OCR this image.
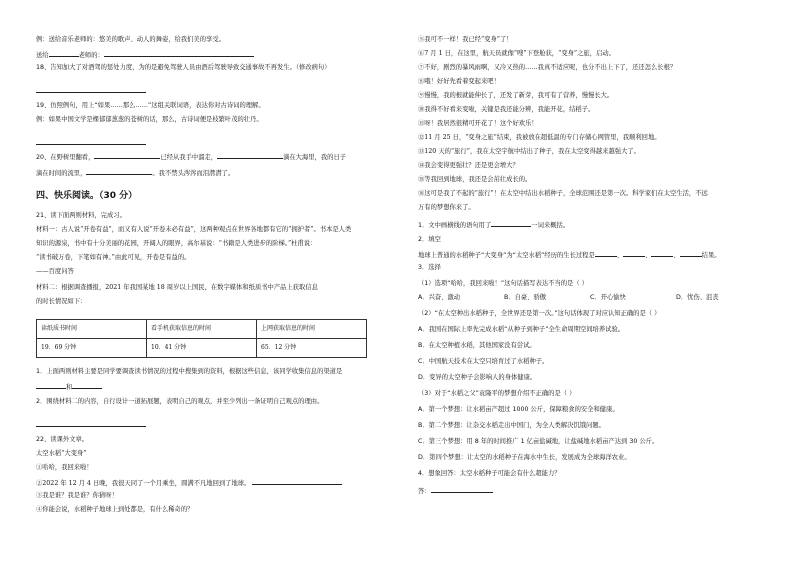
例：送给音乐老师的：悠美的歌声、动人的舞姿，给我们美的享受。
送给	老师的：
18、告知加大了对酒驾的惩处力度，为的是避免驾驶人员由酒后驾驶导致交通事故不再发生。（修改病句）
19、仿照例句，用上“如果……那么……”这组关联词语，表达你对古诗词的理解。
例：如果中国文学是棵郁郁葱葱的苍树的话，那么，古诗词便是枝繁叶茂的壮丹。
20、在野树里翻看，	已经从我手中溜走，	滴在大海里，我的日子
滴在时间的流里，	。我不禁头涔涔而泪潸潸了。
四、快乐阅读。（30 分）
21、读下面两则材料，完成习。
材料一：古人说“开卷有益”，而又有人说“开卷未必有益”，这两种观点在世界各地都有它的“拥护者”。书本是人类
知识的源泉，书中有十分美丽的花园，开阔人的眼界，高尔基说：“书籍是人类进步的阶梯。”杜甫说：
“读书破万卷，下笔如有神。”由此可见，开卷是有益的。
——百度问答
材料二：根据调查播报，2021 年我国某地 18 周岁以上国民，在数字媒体和纸质书中产品上获取信息
的时长情况如下：
读纸质书时间	看手机获取信息的时间	上网获取信息的时间
19．69 分钟	10．41 分钟	65．12 分钟
1．上面两则材料主要是同学要调查读书情况的过程中搜集到的资料，根据这些信息，该同学收集信息的渠道是
和
2．围绕材料二的内容，自行设计一道拓展题，表明自己的观点，并至少列出一条证明自己观点的理由。
22、读课外文章。
太空水稻“大变身”
①哈哈，我回来啦！
②2022 年 12 月 4 日晚，我很天同了一个月乘坐，圆满不凡地回到了地球。
③我是谁？我是谁？你猜呀！
④你能会说，水稻种子地球上到处都是，有什么稀奇的？
⑤我可不一样！我已经“变身”了！
⑥7 月 1 日，在这里，航天员就像“嗖”下登舱获，“变身”之旅，启动。
⑦不好，剧烈的暴风雨啊，又冷又热的……我真不适应呢，也分不出上下了，还还怎么长根？
⑧哦！好好先看着变起来吧！
⑨慢慢，我的根就能伸长了，还发了新芽，我可有了营养，慢慢长大。
⑩我得不好看来变啦，关键是我还能分辨，我能开花，结稻子。
⑪呀！我居然很精可开花了！这个好欢乐！
⑫11 月 25 日，“变身之旅”结束，我被放在超低温的专门存储心网管里，我顺利回地。
⑬120 天的“旅行”，我在太空宇航中结出了种子，我在太空变得越来越强大了。
⑭我会变得更强壮？还是更会增大？
⑮等我回到地球，我还是会茁壮成长的。
⑯这可是我了不起的“旅行”！在太空中结出水稻种子，全球范围还是第一次。科学家们在太空生活，不远
万有的梦想你来了。
1．文中画横线的语句用了	一词来概括。
2．填空
地球上普通的水稻种子“大变身”为“太空水稻”经历的生长过程是	、	、	、	结果。
3．选择
（1）选项“哈哈，我回来啦！”这句话描写表达不当的是（ ）
A．兴奋、激动	B．自豪、骄傲	C．开心愉快	D．忧伤、沮丧
（2）“在太空种出水稻种子，全世界还是第一次。”这句话体现了对应认知正确的是（ ）
A．我国在国际上率先完成水稻“从种子到种子”全生命周期空间培养试验。
B．在太空种植水稻，其他国家没有尝试。
C．中国航天技术在太空只培育过了水稻种子。
D．变异的太空种子会影响人的身体健康。
（3）对于“水稻之父”袁隆平的梦想介绍不正确的是（ ）
A．第一个梦想：让水稻亩产超过 1000 公斤，保障粮食的安全和健康。
B．第二个梦想：让杂交水稻走出中国门，为全人类解决饥饿问题。
C．第三个梦想：用 8 年的时间推广 1 亿亩盐碱地，让盐碱地水稻亩产达到 30 公斤。
D．第四个梦想：让太空的水稻种子在海水中生长，发展成为全球海洋农业。
4．想象回答：太空水稻种子可能会有什么超能力？
答：
